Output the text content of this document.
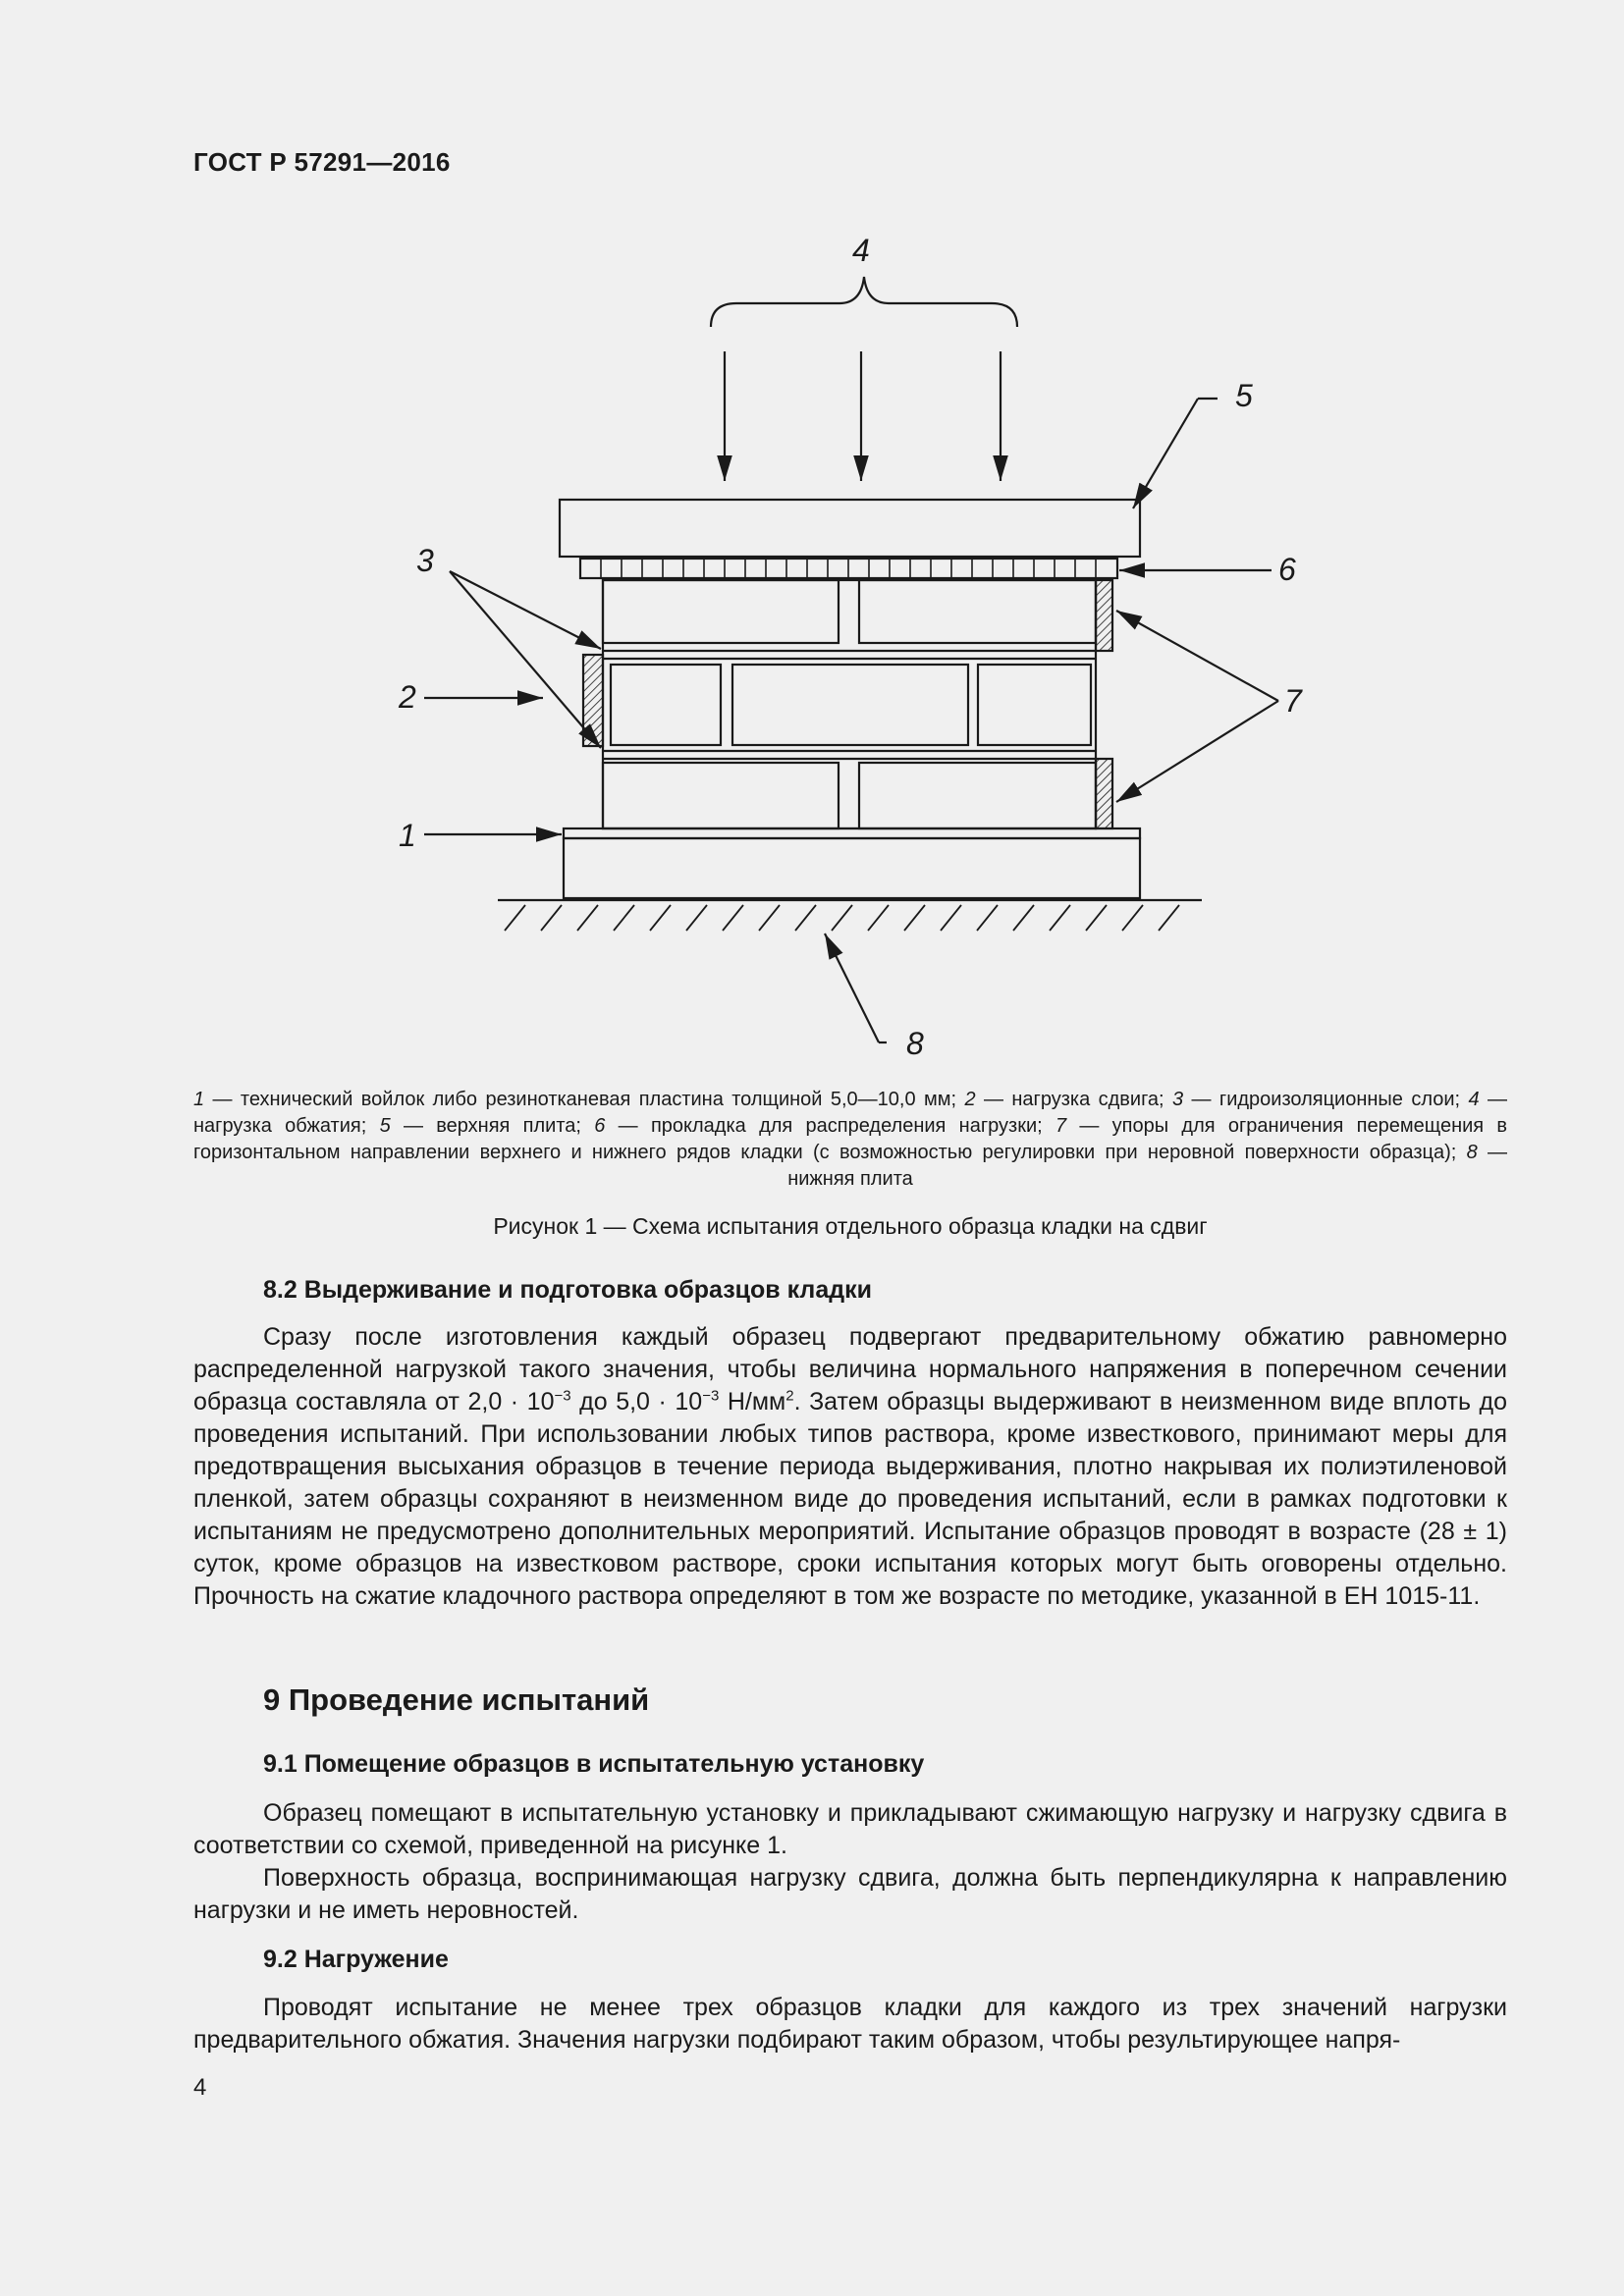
ГОСТ Р 57291—2016
4
5
6
3
2	7
1
8
1 — технический войлок либо резинотканевая пластина толщиной 5,0—10,0 мм; 2 — нагрузка сдвига; 3 — гидроизоляционные слои; 4 — нагрузка обжатия; 5 — верхняя плита; 6 — прокладка для распределения нагрузки; 7 — упоры для ограничения перемещения в горизонтальном направлении верхнего и нижнего рядов кладки (с возможностью регулировки при неровной поверхности образца); 8 — нижняя плита
Рисунок 1 — Схема испытания отдельного образца кладки на сдвиг
8.2 Выдерживание и подготовка образцов кладки
Сразу после изготовления каждый образец подвергают предварительному обжатию равномерно распределенной нагрузкой такого значения, чтобы величина нормального напряжения в поперечном сечении образца составляла от $2,0 \cdot 10^{-3}$ до $5,0 \cdot 10^{-3}$ $Н/мм^2$. Затем образцы выдерживают в неизменном виде вплоть до проведения испытаний. При использовании любых типов раствора, кроме известкового, принимают меры для предотвращения высыхания образцов в течение периода выдерживания, плотно накрывая их полиэтиленовой пленкой, затем образцы сохраняют в неизменном виде до проведения испытаний, если в рамках подготовки к испытаниям не предусмотрено дополнительных мероприятий. Испытание образцов проводят в возрасте (28 ± 1) суток, кроме образцов на известковом растворе, сроки испытания которых могут быть оговорены отдельно. Прочность на сжатие кладочного раствора определяют в том же возрасте по методике, указанной в ЕН 1015-11.
9 Проведение испытаний
9.1 Помещение образцов в испытательную установку
Образец помещают в испытательную установку и прикладывают сжимающую нагрузку и нагрузку сдвига в соответствии со схемой, приведенной на рисунке 1.
Поверхность образца, воспринимающая нагрузку сдвига, должна быть перпендикулярна к направлению нагрузки и не иметь неровностей.
9.2 Нагружение
Проводят испытание не менее трех образцов кладки для каждого из трех значений нагрузки предварительного обжатия. Значения нагрузки подбирают таким образом, чтобы результирующее напря-
4
